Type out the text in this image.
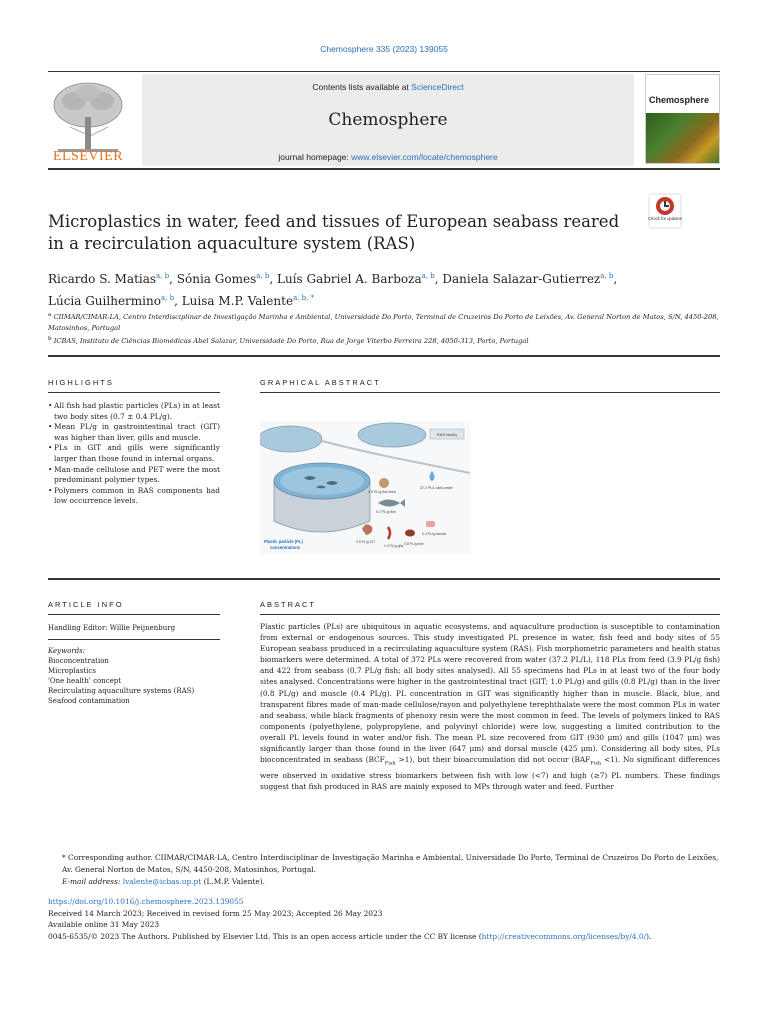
Chemosphere 335 (2023) 139055
ELSEVIER
Contents lists available at ScienceDirect
Chemosphere
journal homepage: www.elsevier.com/locate/chemosphere
Chemosphere
Check for updates
Microplastics in water, feed and tissues of European seabass reared in a recirculation aquaculture system (RAS)
Ricardo S. Matias$^{a, b}$, Sónia Gomes$^{a, b}$, Luís Gabriel A. Barboza$^{a, b}$, Daniela Salazar-Gutierrez$^{a, b}$,
Lúcia Guilhermino$^{a, b}$, Luisa M.P. Valente$^{a, b, *}$
$^a$ CIIMAR/CIMAR-LA, Centro Interdisciplinar de Investigação Marinha e Ambiental, Universidade Do Porto, Terminal de Cruzeiros Do Porto de Leixões, Av. General Norton de Matos, S/N, 4450-208, Matosinhos, Portugal
$^b$ ICBAS, Instituto de Ciências Biomédicas Abel Salazar, Universidade Do Porto, Rua de Jorge Viterbo Ferreira 228, 4050-313, Porto, Portugal
HIGHLIGHTS	GRAPHICAL ABSTRACT
• All fish had plastic particles (PLs) in at least two body sites (0.7 ± 0.4 PL/g).
• Mean PL/g in gastrointestinal tract (GIT) was higher than liver, gills and muscle.
• PLs in GIT and gills were significantly larger than those found in internal organs.
• Man-made cellulose and PET were the most predominant polymer types.
• Polymers common in RAS components had low occurrence levels.
RAS facility
37.2 PL/L tank water
3.9 PL/g fish feed
0.7 PL/g fish
0.9 PL/g GIT
1.0 PL/g gills 0.8 PL/g liver
0.4 PL/g muscle
Plastic particle (PL)
concentrations
ARTICLE INFO	ABSTRACT
Handling Editor: Willie Peijnenburg
Keywords:
Bioconcentration
Microplastics
'One health' concept
Recirculating aquaculture systems (RAS)
Seafood contamination
Plastic particles (PLs) are ubiquitous in aquatic ecosystems, and aquaculture production is susceptible to contamination from external or endogenous sources. This study investigated PL presence in water, fish feed and body sites of 55 European seabass produced in a recirculating aquaculture system (RAS). Fish morphometric parameters and health status biomarkers were determined. A total of 372 PLs were recovered from water (37.2 PL/L), 118 PLs from feed (3.9 PL/g fish) and 422 from seabass (0.7 PL/g fish; all body sites analysed). All 55 specimens had PLs in at least two of the four body sites analysed. Concentrations were higher in the gastrointestinal tract (GIT; 1.0 PL/g) and gills (0.8 PL/g) than in the liver (0.8 PL/g) and muscle (0.4 PL/g). PL concentration in GIT was significantly higher than in muscle. Black, blue, and transparent fibres made of man-made cellulose/rayon and polyethylene terephthalate were the most common PLs in water and seabass, while black fragments of phenoxy resin were the most common in feed. The levels of polymers linked to RAS components (polyethylene, polypropylene, and polyvinyl chloride) were low, suggesting a limited contribution to the overall PL levels found in water and/or fish. The mean PL size recovered from GIT (930 μm) and gills (1047 μm) was significantly larger than those found in the liver (647 μm) and dorsal muscle (425 μm). Considering all body sites, PLs bioconcentrated in seabass $(BCF_{Fish} >1)$, but their bioaccumulation did not occur $(BAF_{Fish} <1)$. No significant differences were observed in oxidative stress biomarkers between fish with low (<7) and high (≥7) PL numbers. These findings suggest that fish produced in RAS are mainly exposed to MPs through water and feed. Further
* Corresponding author. CIIMAR/CIMAR-LA, Centro Interdisciplinar de Investigação Marinha e Ambiental, Universidade Do Porto, Terminal de Cruzeiros Do Porto de Leixões, Av. General Norton de Matos, S/N, 4450-208, Matosinhos, Portugal.
E-mail address: lvalente@icbas.up.pt (L.M.P. Valente).
https://doi.org/10.1016/j.chemosphere.2023.139055
Received 14 March 2023; Received in revised form 25 May 2023; Accepted 26 May 2023
Available online 31 May 2023
0045-6535/© 2023 The Authors. Published by Elsevier Ltd. This is an open access article under the CC BY license (http://creativecommons.org/licenses/by/4.0/).
